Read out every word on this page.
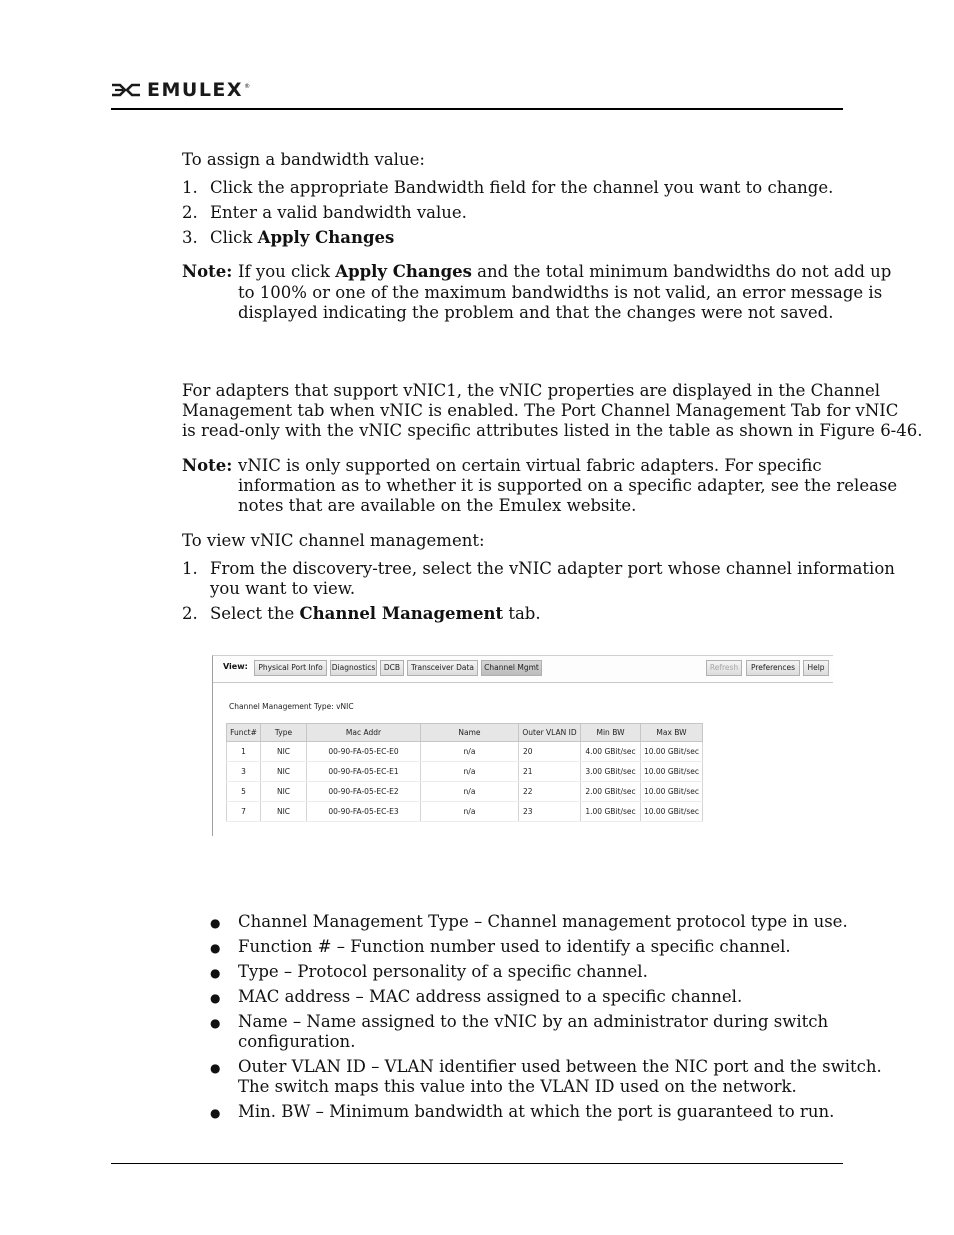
EMULEX ®
To assign a bandwidth value:
1. Click the appropriate Bandwidth field for the channel you want to change.
2. Enter a valid bandwidth value.
3. Click Apply Changes
Note: If you click Apply Changes and the total minimum bandwidths do not add up
to 100% or one of the maximum bandwidths is not valid, an error message is
displayed indicating the problem and that the changes were not saved.
For adapters that support vNIC1, the vNIC properties are displayed in the Channel
Management tab when vNIC is enabled. The Port Channel Management Tab for vNIC
is read-only with the vNIC specific attributes listed in the table as shown in Figure 6-46.
Note: vNIC is only supported on certain virtual fabric adapters. For specific
information as to whether it is supported on a specific adapter, see the release
notes that are available on the Emulex website.
To view vNIC channel management:
1. From the discovery-tree, select the vNIC adapter port whose channel information
you want to view.
2. Select the Channel Management tab.
View:	Physical Port Info	Diagnostics	DCB	Transceiver Data	Channel Mgmt	Refresh	Preferences	Help
Channel Management Type: vNIC
Funct#	Type	Mac Addr	Name	Outer VLAN ID	Min BW	Max BW
1	NIC	00-90-FA-05-EC-E0	n/a	20	4.00 GBit/sec	10.00 GBit/sec
3	NIC	00-90-FA-05-EC-E1	n/a	21	3.00 GBit/sec	10.00 GBit/sec
5	NIC	00-90-FA-05-EC-E2	n/a	22	2.00 GBit/sec	10.00 GBit/sec
7	NIC	00-90-FA-05-EC-E3	n/a	23	1.00 GBit/sec	10.00 GBit/sec
● Channel Management Type – Channel management protocol type in use.
● Function # – Function number used to identify a specific channel.
● Type – Protocol personality of a specific channel.
● MAC address – MAC address assigned to a specific channel.
● Name – Name assigned to the vNIC by an administrator during switch
configuration.
● Outer VLAN ID – VLAN identifier used between the NIC port and the switch.
The switch maps this value into the VLAN ID used on the network.
● Min. BW – Minimum bandwidth at which the port is guaranteed to run.
